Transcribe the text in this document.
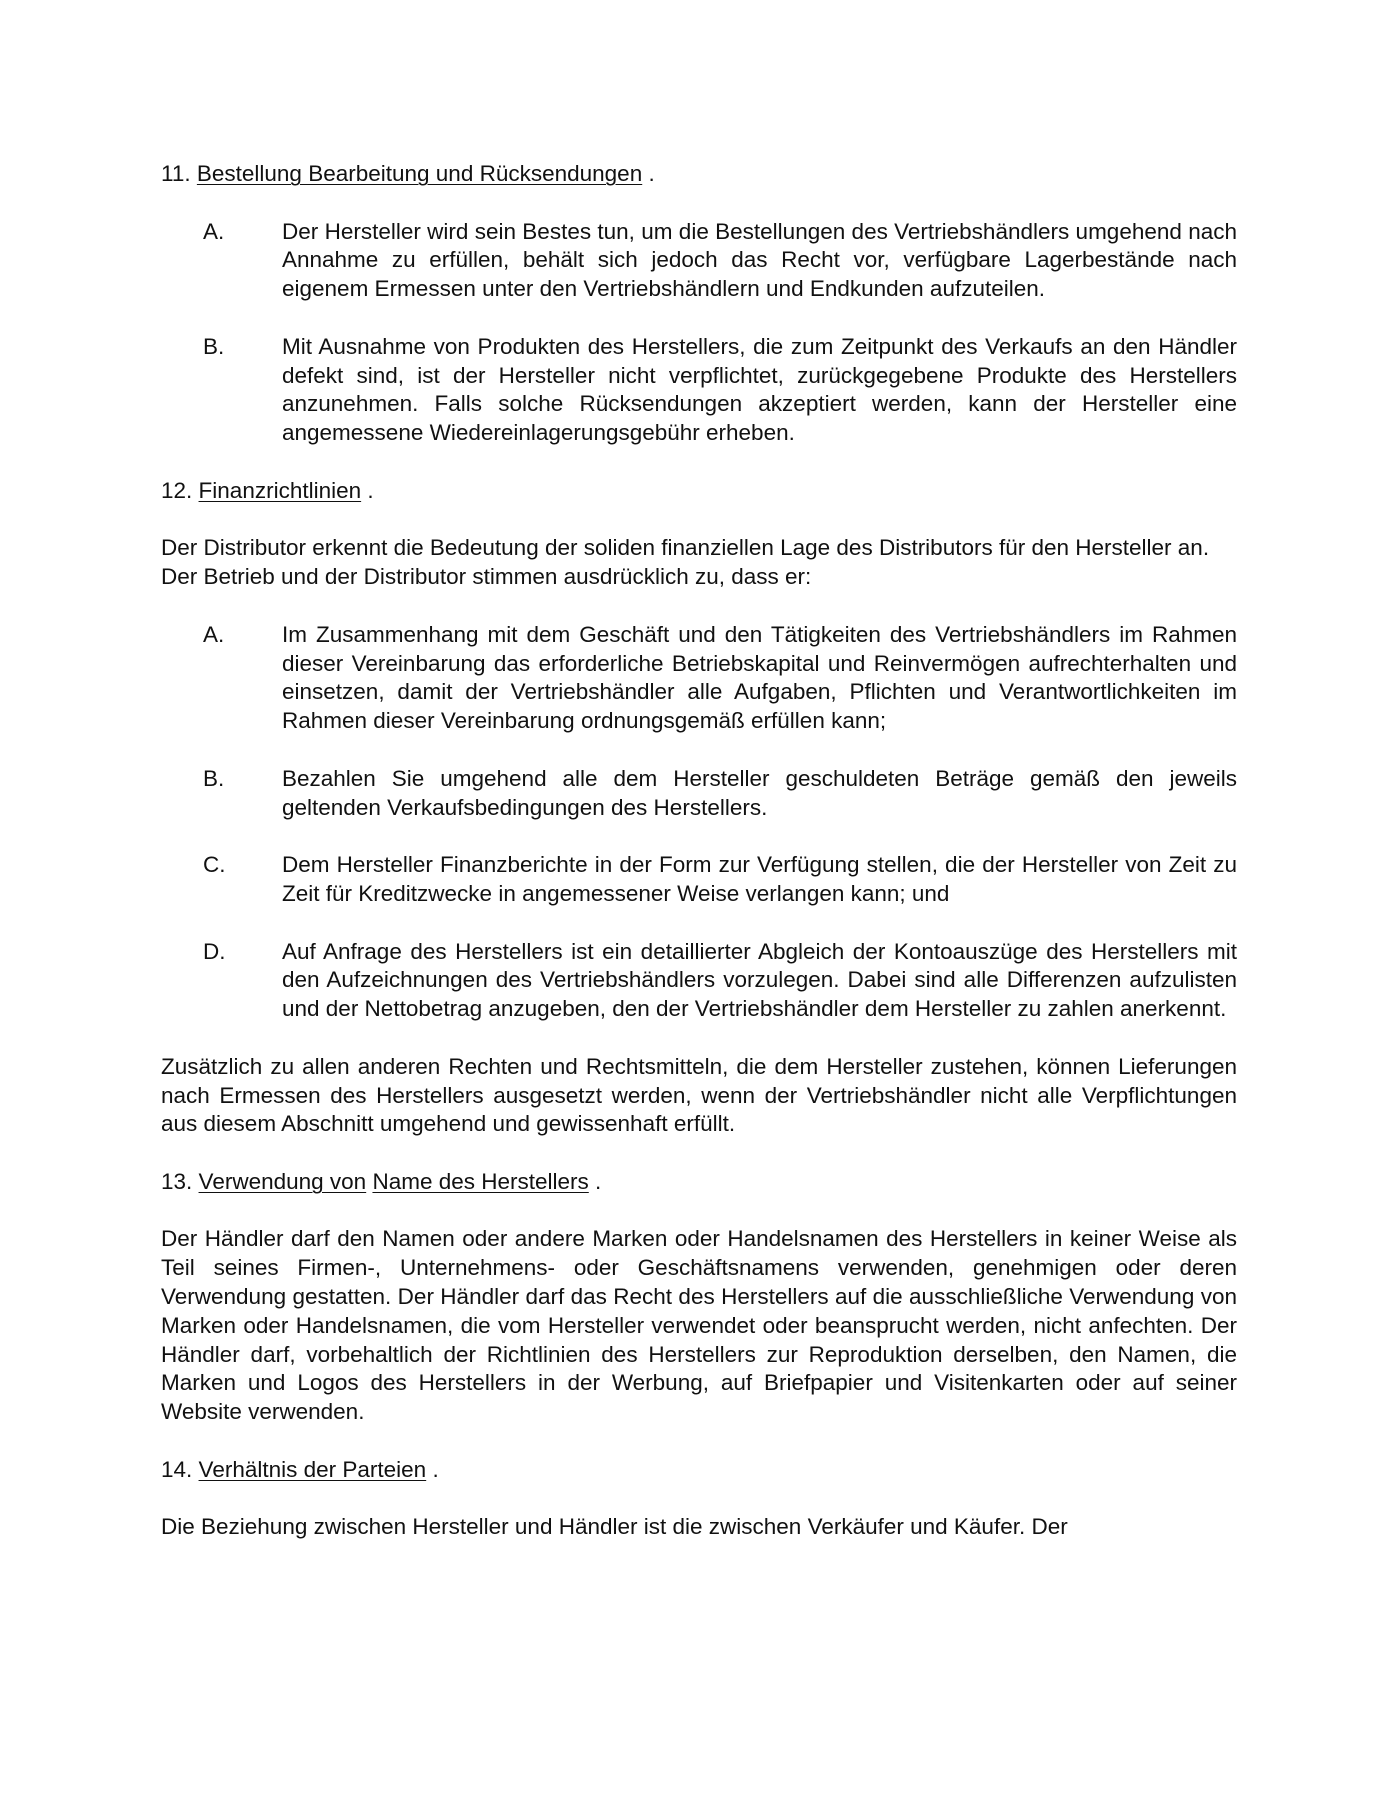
11. Bestellung Bearbeitung und Rücksendungen .

A.	Der Hersteller wird sein Bestes tun, um die Bestellungen des Vertriebshändlers umgehend nach Annahme zu erfüllen, behält sich jedoch das Recht vor, verfügbare Lagerbestände nach eigenem Ermessen unter den Vertriebshändlern und Endkunden aufzuteilen.
B.	Mit Ausnahme von Produkten des Herstellers, die zum Zeitpunkt des Verkaufs an den Händler defekt sind, ist der Hersteller nicht verpflichtet, zurückgegebene Produkte des Herstellers anzunehmen. Falls solche Rücksendungen akzeptiert werden, kann der Hersteller eine angemessene Wiedereinlagerungsgebühr erheben.

12. Finanzrichtlinien .

Der Distributor erkennt die Bedeutung der soliden finanziellen Lage des Distributors für den Hersteller an.
Der Betrieb und der Distributor stimmen ausdrücklich zu, dass er:
A.	Im Zusammenhang mit dem Geschäft und den Tätigkeiten des Vertriebshändlers im Rahmen dieser Vereinbarung das erforderliche Betriebskapital und Reinvermögen aufrechterhalten und einsetzen, damit der Vertriebshändler alle Aufgaben, Pflichten und Verantwortlichkeiten im Rahmen dieser Vereinbarung ordnungsgemäß erfüllen kann;
B.	Bezahlen Sie umgehend alle dem Hersteller geschuldeten Beträge gemäß den jeweils geltenden Verkaufsbedingungen des Herstellers.
C.	Dem Hersteller Finanzberichte in der Form zur Verfügung stellen, die der Hersteller von Zeit zu Zeit für Kreditzwecke in angemessener Weise verlangen kann; und
D.	Auf Anfrage des Herstellers ist ein detaillierter Abgleich der Kontoauszüge des Herstellers mit den Aufzeichnungen des Vertriebshändlers vorzulegen. Dabei sind alle Differenzen aufzulisten und der Nettobetrag anzugeben, den der Vertriebshändler dem Hersteller zu zahlen anerkennt.
Zusätzlich zu allen anderen Rechten und Rechtsmitteln, die dem Hersteller zustehen, können Lieferungen nach Ermessen des Herstellers ausgesetzt werden, wenn der Vertriebshändler nicht alle Verpflichtungen aus diesem Abschnitt umgehend und gewissenhaft erfüllt.

13. Verwendung von Name des Herstellers .

Der Händler darf den Namen oder andere Marken oder Handelsnamen des Herstellers in keiner Weise als Teil seines Firmen-, Unternehmens- oder Geschäftsnamens verwenden, genehmigen oder deren Verwendung gestatten. Der Händler darf das Recht des Herstellers auf die ausschließliche Verwendung von Marken oder Handelsnamen, die vom Hersteller verwendet oder beansprucht werden, nicht anfechten. Der Händler darf, vorbehaltlich der Richtlinien des Herstellers zur Reproduktion derselben, den Namen, die Marken und Logos des Herstellers in der Werbung, auf Briefpapier und Visitenkarten oder auf seiner Website verwenden.

14. Verhältnis der Parteien .

Die Beziehung zwischen Hersteller und Händler ist die zwischen Verkäufer und Käufer. Der
